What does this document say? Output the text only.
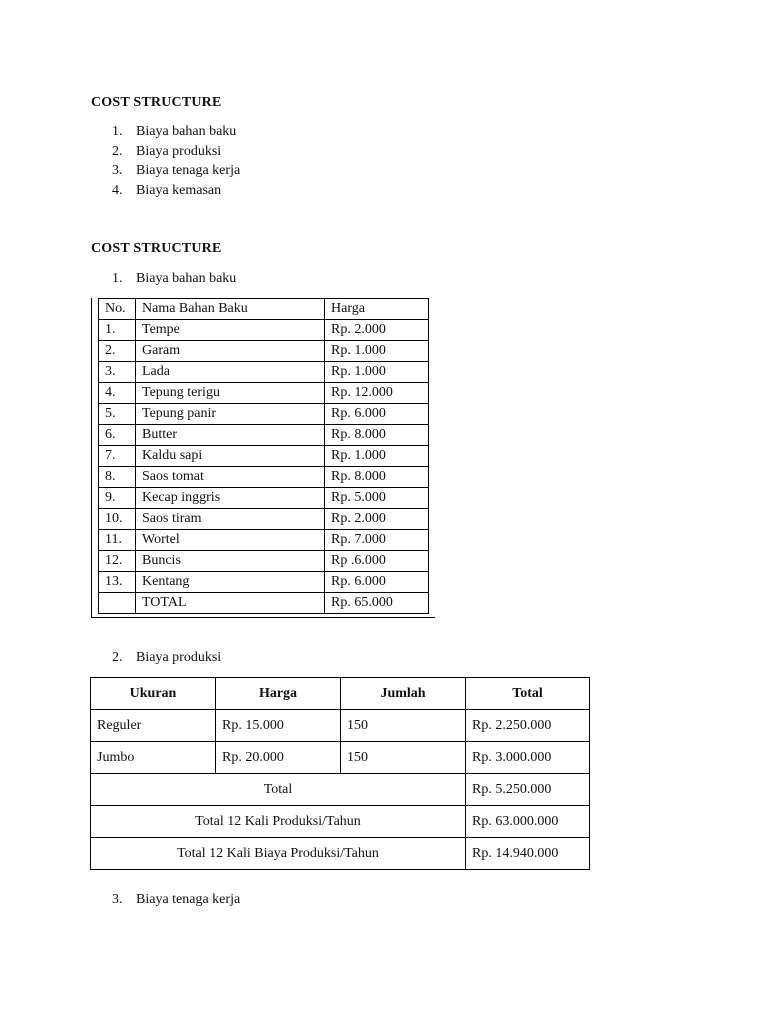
COST STRUCTURE
1. Biaya bahan baku
2. Biaya produksi
3. Biaya tenaga kerja
4. Biaya kemasan
COST STRUCTURE
1. Biaya bahan baku
No.	Nama Bahan Baku	Harga
1.	Tempe	Rp. 2.000
2.	Garam	Rp. 1.000
3.	Lada	Rp. 1.000
4.	Tepung terigu	Rp. 12.000
5.	Tepung panir	Rp. 6.000
6.	Butter	Rp. 8.000
7.	Kaldu sapi	Rp. 1.000
8.	Saos tomat	Rp. 8.000
9.	Kecap inggris	Rp. 5.000
10.	Saos tiram	Rp. 2.000
11.	Wortel	Rp. 7.000
12.	Buncis	Rp .6.000
13.	Kentang	Rp. 6.000
	TOTAL	Rp. 65.000
2. Biaya produksi
Ukuran	Harga	Jumlah	Total
Reguler	Rp. 15.000	150	Rp. 2.250.000
Jumbo	Rp. 20.000	150	Rp. 3.000.000
Total			Rp. 5.250.000
Total 12 Kali Produksi/Tahun			Rp. 63.000.000
Total 12 Kali Biaya Produksi/Tahun			Rp. 14.940.000
3. Biaya tenaga kerja
